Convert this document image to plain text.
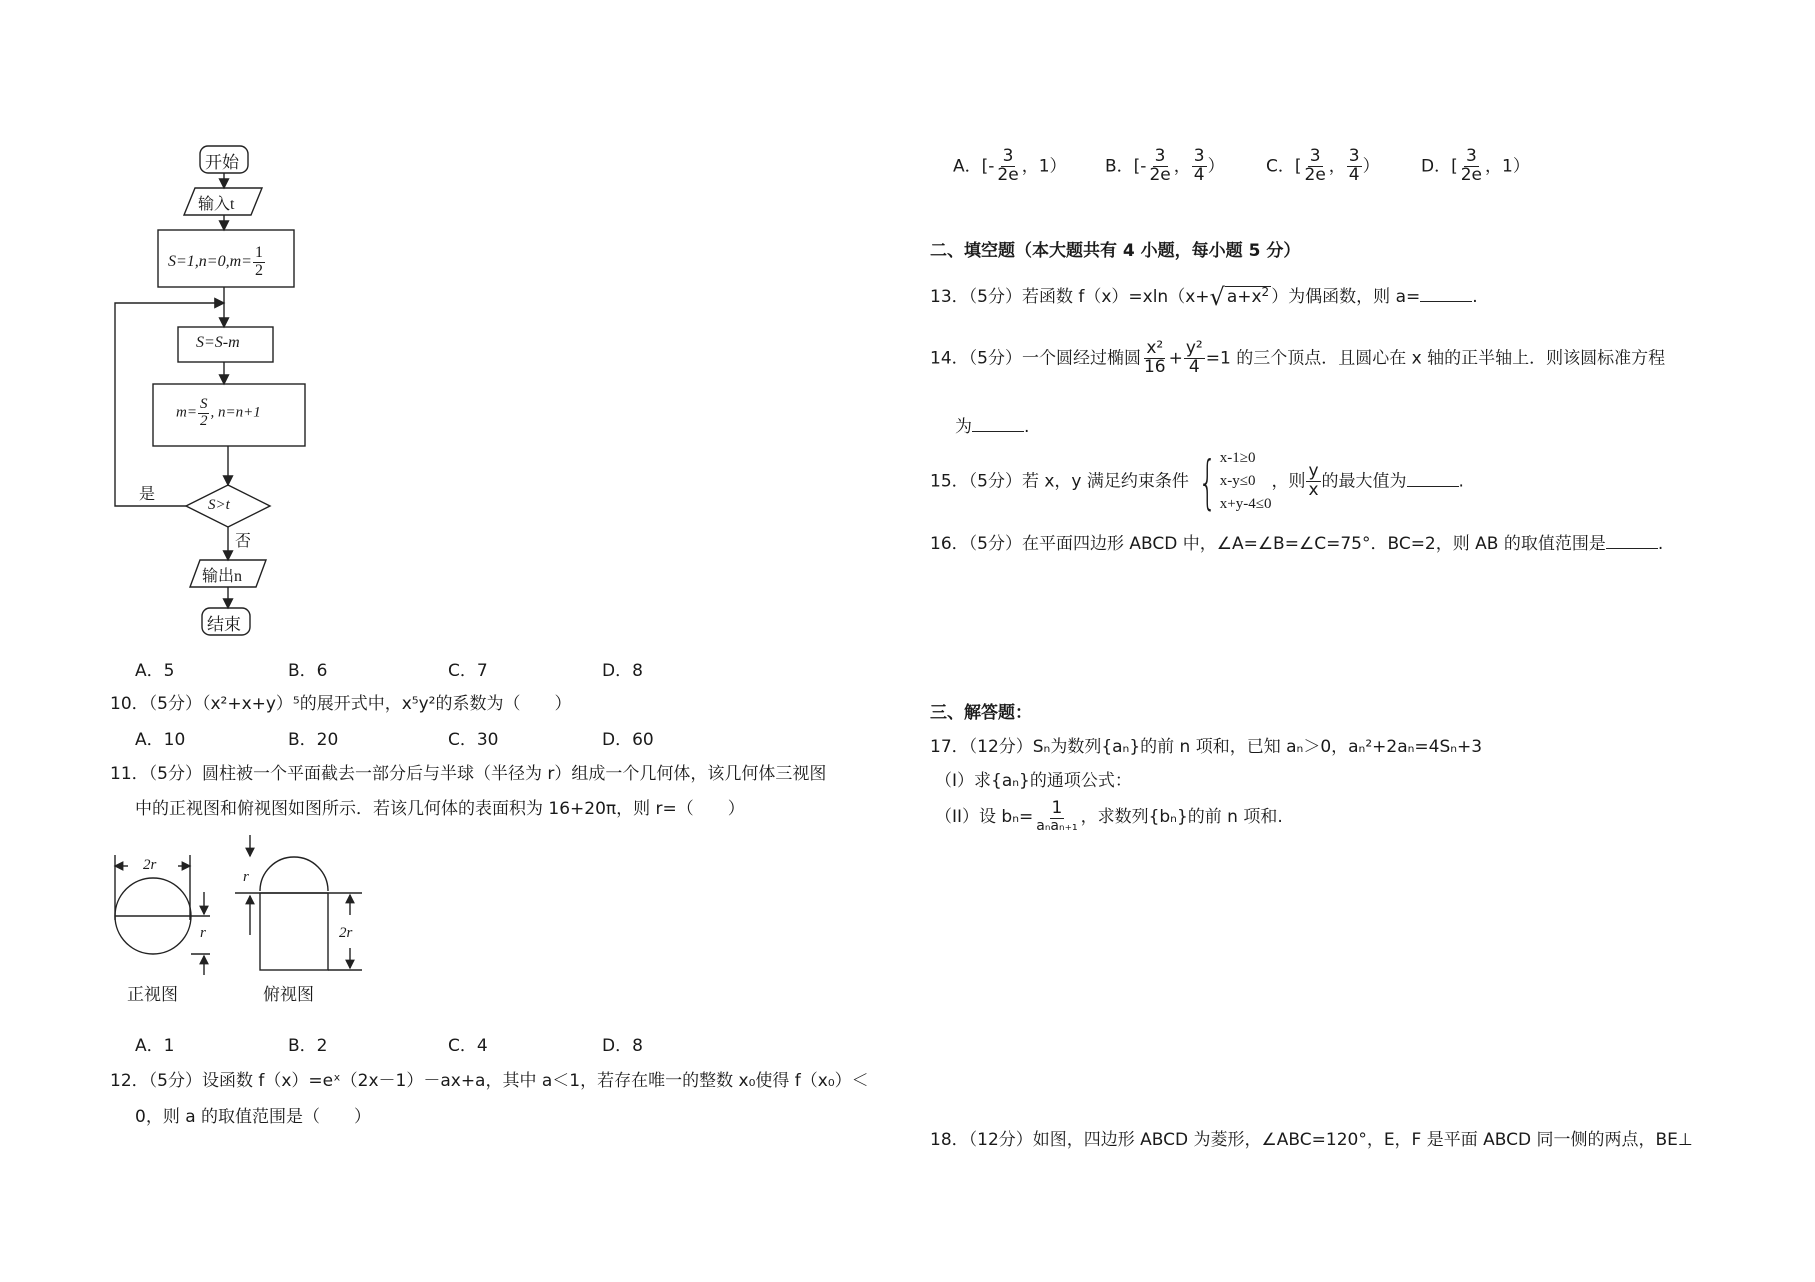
开始
输入t
$S=1,n=0,m= \frac{1}{2}$
S=S-m
$m= \frac{S}{2}$ , n=n+1
S>t
是
否
输出n
结束
A．5	B．6	C．7	D．8
10．（5分）（x²+x+y）⁵的展开式中，x⁵y²的系数为（　　）
A．10	B．20	C．30	D．60
11．（5分）圆柱被一个平面截去一部分后与半球（半径为 r）组成一个几何体，该几何体三视图
中的正视图和俯视图如图所示．若该几何体的表面积为 16+20π，则 r=（　　）
2r
r
r
2r
正视图	俯视图
A．1	B．2	C．4	D．8
12．（5分）设函数 f（x）=eˣ（2x－1）－ax+a，其中 a＜1，若存在唯一的整数 x₀使得 f（x₀）＜
0，则 a 的取值范围是（　　）
A．[- $\frac{3}{2e}$ ，1） B．[- $\frac{3}{2e}$ ， $\frac{3}{4}$ ） C．[ $\frac{3}{2e}$ ， $\frac{3}{4}$ ） D．[ $\frac{3}{2e}$ ，1）
二、填空题（本大题共有 4 小题，每小题 5 分）
13．（5分）若函数 f（x）=xln（x+√ $a+x^2$ ）为偶函数，则 a=	.
14．（5分）一个圆经过椭圆 $\frac{\text{x²}}{16} + \frac{\text{y²}}{4} =1$ 的三个顶点．且圆心在 x 轴的正半轴上．则该圆标准方程
为	.
15．（5分）若 x，y 满足约束条件 { x-1≥0
x-y≤0
x+y-4≤0
，则 $\frac{y}{x}$ 的最大值为	.
16．（5分）在平面四边形 ABCD 中，∠A=∠B=∠C=75°．BC=2，则 AB 的取值范围是	.
三、解答题：
17．（12分）Sₙ为数列{aₙ}的前 n 项和，已知 aₙ＞0，aₙ²+2aₙ=4Sₙ+3
（I）求{aₙ}的通项公式：
（II）设 $b_n= \frac{1}{\text{aₙaₙ₊₁}}$ ，求数列{bₙ}的前 n 项和.
18．（12分）如图，四边形 ABCD 为菱形，∠ABC=120°，E，F 是平面 ABCD 同一侧的两点，BE⊥
